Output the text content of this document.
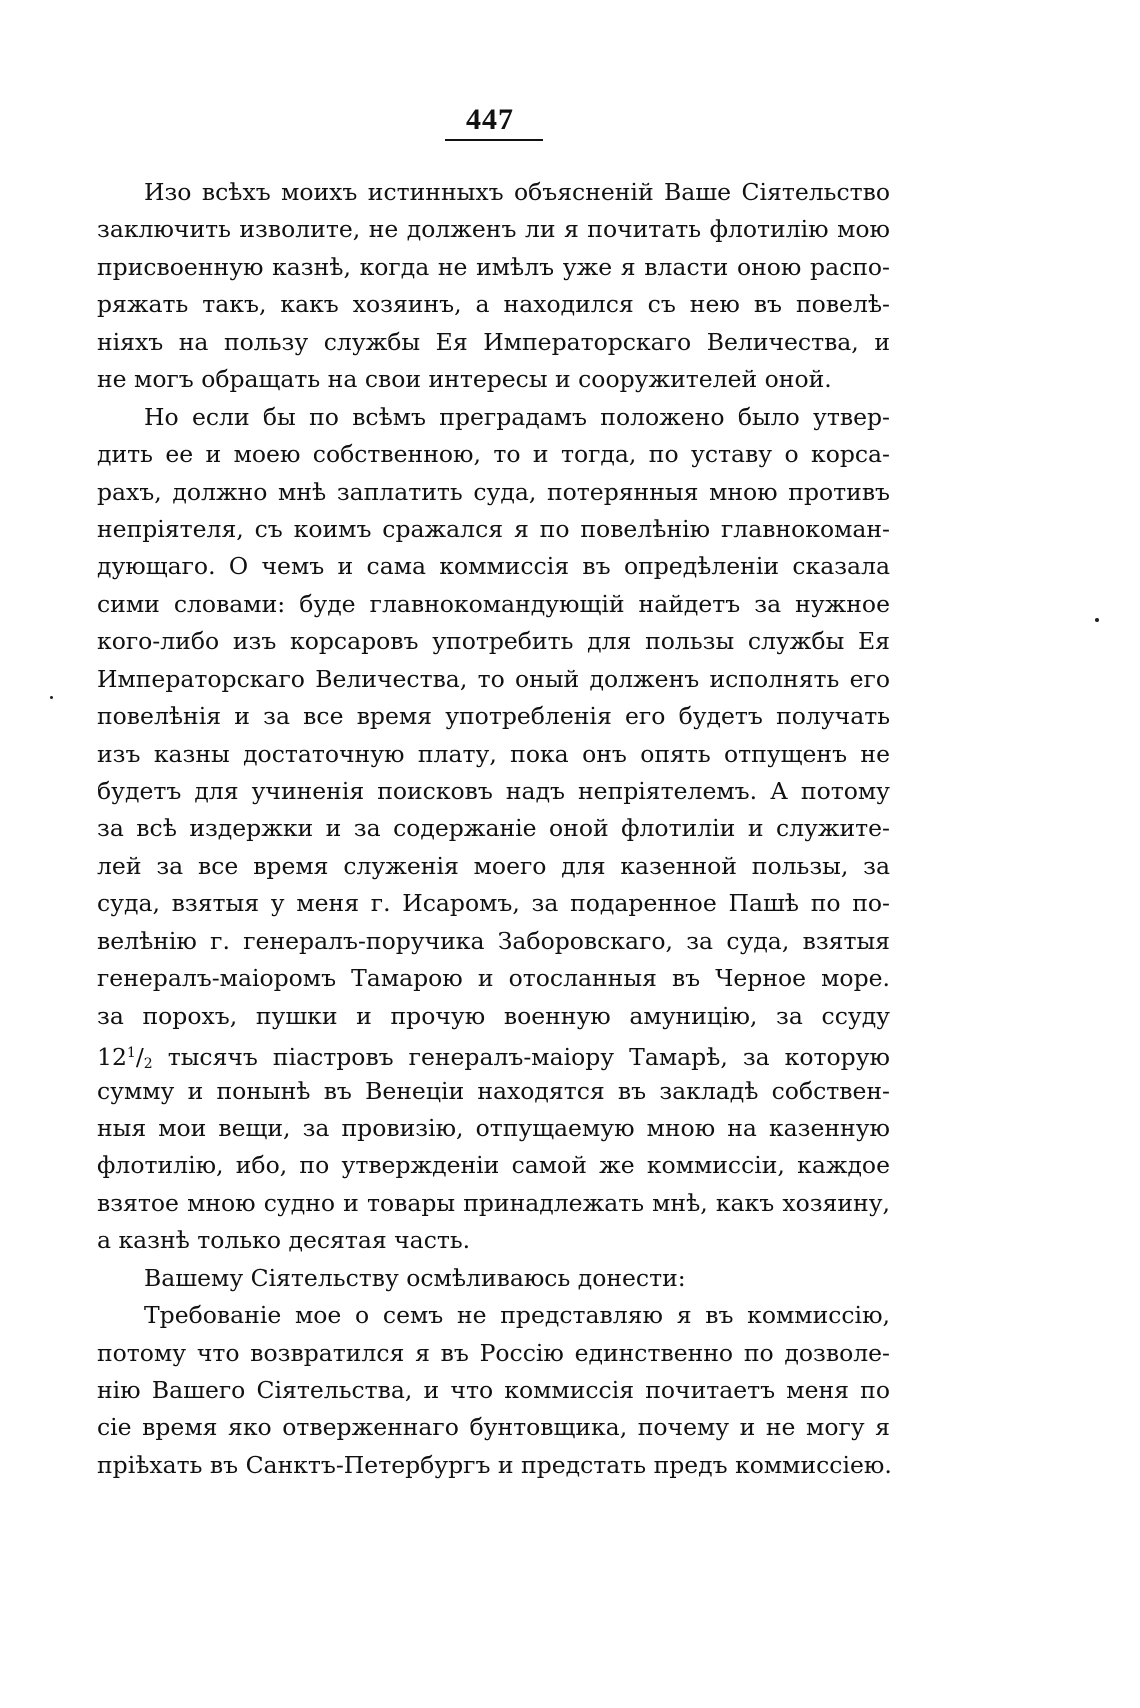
447
Изо всѣхъ моихъ истинныхъ объясненій Ваше Сіятельство
заключить изволите, не долженъ ли я почитать флотилію мою
присвоенную казнѣ, когда не имѣлъ уже я власти оною распо-
ряжать такъ, какъ хозяинъ, а находился съ нею въ повелѣ-
ніяхъ на пользу службы Ея Императорскаго Величества, и
не могъ обращать на свои интересы и сооружителей оной.
Но если бы по всѣмъ преградамъ положено было утвер-
дить ее и моею собственною, то и тогда, по уставу о корса-
рахъ, должно мнѣ заплатить суда, потерянныя мною противъ
непріятеля, съ коимъ сражался я по повелѣнію главнокоман-
дующаго. О чемъ и сама коммиссія въ опредѣленіи сказала
сими словами: буде главнокомандующій найдетъ за нужное
кого-либо изъ корсаровъ употребить для пользы службы Ея
Императорскаго Величества, то оный долженъ исполнять его
повелѣнія и за все время употребленія его будетъ получать
изъ казны достаточную плату, пока онъ опять отпущенъ не
будетъ для учиненія поисковъ надъ непріятелемъ. А потому
за всѣ издержки и за содержаніе оной флотиліи и служите-
лей за все время служенія моего для казенной пользы, за
суда, взятыя у меня г. Исаромъ, за подаренное Пашѣ по по-
велѣнію г. генералъ-поручика Заборовскаго, за суда, взятыя
генералъ-маіоромъ Тамарою и отосланныя въ Черное море.
за порохъ, пушки и прочую военную амуницію, за ссуду
$12^1/_2$ тысячъ піастровъ генералъ-маіору Тамарѣ, за которую
сумму и понынѣ въ Венеціи находятся въ закладѣ собствен-
ныя мои вещи, за провизію, отпущаемую мною на казенную
флотилію, ибо, по утвержденіи самой же коммиссіи, каждое
взятое мною судно и товары принадлежать мнѣ, какъ хозяину,
а казнѣ только десятая часть.
Вашему Сіятельству осмѣливаюсь донести:
Требованіе мое о семъ не представляю я въ коммиссію,
потому что возвратился я въ Россію единственно по дозволе-
нію Вашего Сіятельства, и что коммиссія почитаетъ меня по
сіе время яко отверженнаго бунтовщика, почему и не могу я
пріѣхать въ Санктъ-Петербургъ и предстать предъ коммиссіею.
